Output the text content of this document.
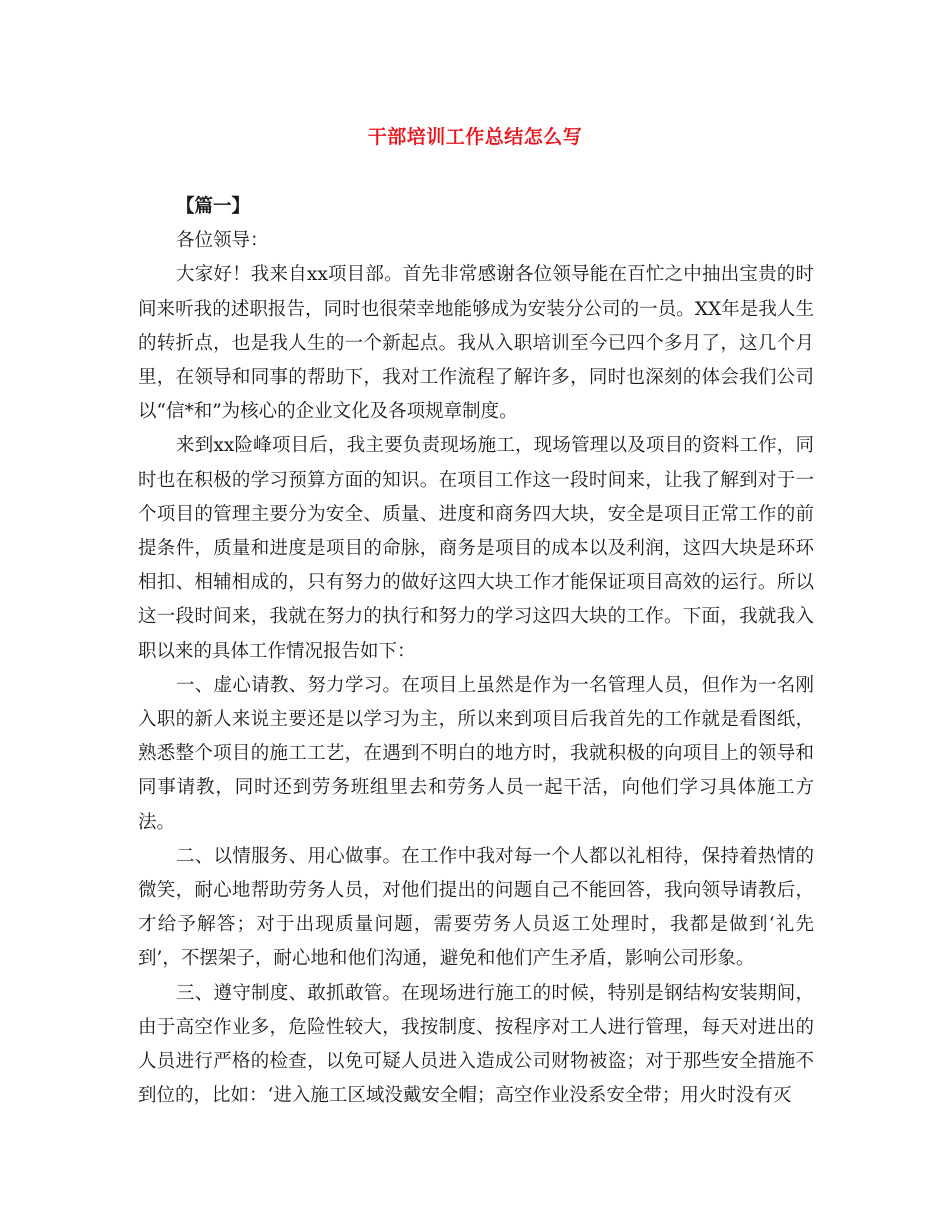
干部培训工作总结怎么写

【篇一】

各位领导：

大家好！我来自xx项目部。首先非常感谢各位领导能在百忙之中抽出宝贵的时间来听我的述职报告，同时也很荣幸地能够成为安装分公司的一员。XX年是我人生的转折点，也是我人生的一个新起点。我从入职培训至今已四个多月了，这几个月里，在领导和同事的帮助下，我对工作流程了解许多，同时也深刻的体会我们公司以“信*和”为核心的企业文化及各项规章制度。

来到xx险峰项目后，我主要负责现场施工，现场管理以及项目的资料工作，同时也在积极的学习预算方面的知识。在项目工作这一段时间来，让我了解到对于一个项目的管理主要分为安全、质量、进度和商务四大块，安全是项目正常工作的前提条件，质量和进度是项目的命脉，商务是项目的成本以及利润，这四大块是环环相扣、相辅相成的，只有努力的做好这四大块工作才能保证项目高效的运行。所以这一段时间来，我就在努力的执行和努力的学习这四大块的工作。下面，我就我入职以来的具体工作情况报告如下：

一、虚心请教、努力学习。在项目上虽然是作为一名管理人员，但作为一名刚入职的新人来说主要还是以学习为主，所以来到项目后我首先的工作就是看图纸，熟悉整个项目的施工工艺，在遇到不明白的地方时，我就积极的向项目上的领导和同事请教，同时还到劳务班组里去和劳务人员一起干活，向他们学习具体施工方法。

二、以情服务、用心做事。在工作中我对每一个人都以礼相待，保持着热情的微笑，耐心地帮助劳务人员，对他们提出的问题自己不能回答，我向领导请教后，才给予解答；对于出现质量问题，需要劳务人员返工处理时，我都是做到‘礼先到’，不摆架子，耐心地和他们沟通，避免和他们产生矛盾，影响公司形象。

三、遵守制度、敢抓敢管。在现场进行施工的时候，特别是钢结构安装期间，由于高空作业多，危险性较大，我按制度、按程序对工人进行管理，每天对进出的人员进行严格的检查，以免可疑人员进入造成公司财物被盗；对于那些安全措施不到位的，比如：‘进入施工区域没戴安全帽；高空作业没系安全带；用火时没有灭
